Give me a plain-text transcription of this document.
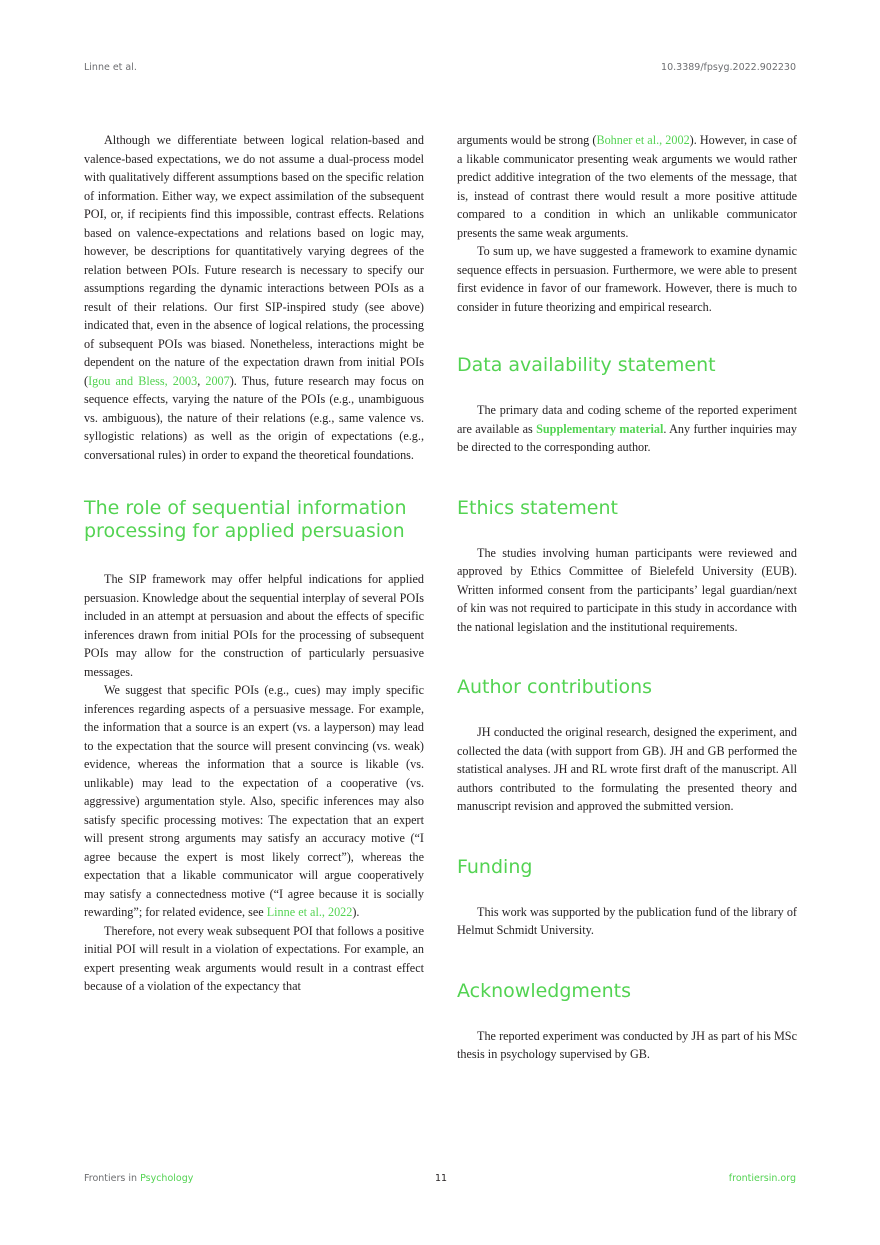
Linne et al.	10.3389/fpsyg.2022.902230

Although we differentiate between logical relation-based and valence-based expectations, we do not assume a dual-process model with qualitatively different assumptions based on the specific relation of information. Either way, we expect assimilation of the subsequent POI, or, if recipients find this impossible, contrast effects. Relations based on valence-expectations and relations based on logic may, however, be descriptions for quantitatively varying degrees of the relation between POIs. Future research is necessary to specify our assumptions regarding the dynamic interactions between POIs as a result of their relations. Our first SIP-inspired study (see above) indicated that, even in the absence of logical relations, the processing of subsequent POIs was biased. Nonetheless, interactions might be dependent on the nature of the expectation drawn from initial POIs (Igou and Bless, 2003, 2007). Thus, future research may focus on sequence effects, varying the nature of the POIs (e.g., unambiguous vs. ambiguous), the nature of their relations (e.g., same valence vs. syllogistic relations) as well as the origin of expectations (e.g., conversational rules) in order to expand the theoretical foundations.

The role of sequential information processing for applied persuasion

The SIP framework may offer helpful indications for applied persuasion. Knowledge about the sequential interplay of several POIs included in an attempt at persuasion and about the effects of specific inferences drawn from initial POIs for the processing of subsequent POIs may allow for the construction of particularly persuasive messages.

We suggest that specific POIs (e.g., cues) may imply specific inferences regarding aspects of a persuasive message. For example, the information that a source is an expert (vs. a layperson) may lead to the expectation that the source will present convincing (vs. weak) evidence, whereas the information that a source is likable (vs. unlikable) may lead to the expectation of a cooperative (vs. aggressive) argumentation style. Also, specific inferences may also satisfy specific processing motives: The expectation that an expert will present strong arguments may satisfy an accuracy motive (“I agree because the expert is most likely correct”), whereas the expectation that a likable communicator will argue cooperatively may satisfy a connectedness motive (“I agree because it is socially rewarding”; for related evidence, see Linne et al., 2022).

Therefore, not every weak subsequent POI that follows a positive initial POI will result in a violation of expectations. For example, an expert presenting weak arguments would result in a contrast effect because of a violation of the expectancy that

arguments would be strong (Bohner et al., 2002). However, in case of a likable communicator presenting weak arguments we would rather predict additive integration of the two elements of the message, that is, instead of contrast there would result a more positive attitude compared to a condition in which an unlikable communicator presents the same weak arguments.

To sum up, we have suggested a framework to examine dynamic sequence effects in persuasion. Furthermore, we were able to present first evidence in favor of our framework. However, there is much to consider in future theorizing and empirical research.

Data availability statement

The primary data and coding scheme of the reported experiment are available as Supplementary material. Any further inquiries may be directed to the corresponding author.

Ethics statement

The studies involving human participants were reviewed and approved by Ethics Committee of Bielefeld University (EUB). Written informed consent from the participants’ legal guardian/next of kin was not required to participate in this study in accordance with the national legislation and the institutional requirements.

Author contributions

JH conducted the original research, designed the experiment, and collected the data (with support from GB). JH and GB performed the statistical analyses. JH and RL wrote first draft of the manuscript. All authors contributed to the formulating the presented theory and manuscript revision and approved the submitted version.

Funding

This work was supported by the publication fund of the library of Helmut Schmidt University.

Acknowledgments

The reported experiment was conducted by JH as part of his MSc thesis in psychology supervised by GB.

Frontiers in Psychology	11	frontiersin.org
